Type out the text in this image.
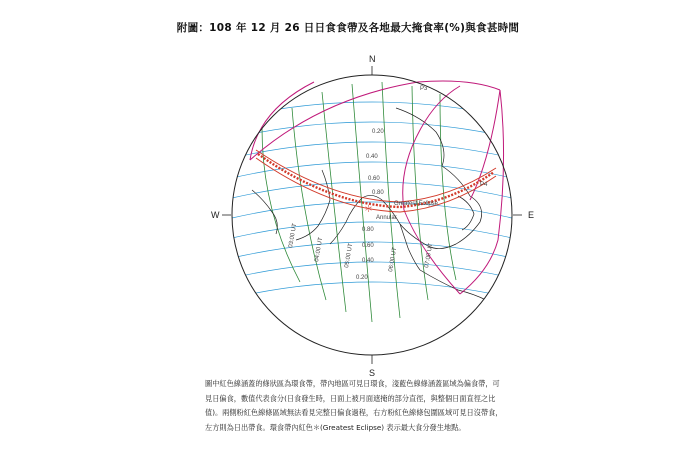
附圖：108 年 12 月 26 日日食食帶及各地最大掩食率(%)與食甚時間
N
S
W	E
＊
Greatest Eclipse
Annular
P3
P4
0.20
0.40
0.60
0.80
0.80
0.60
0.40
0.20
03:00 UT
04:00 UT	05:00 UT	06:00 UT	07:00 UT

圖中紅色線涵蓋的條狀區為環食帶，帶內地區可見日環食，淺藍色線條涵蓋區域為偏食帶，可

見日偏食，數值代表食分(日食發生時，日面上被月面遮掩的部分直徑，與整個日面直徑之比

值)。兩側粉紅色線條區域無法看見完整日偏食過程，右方粉紅色線條包圍區域可見日沒帶食，

左方則為日出帶食。環食帶內紅色＊(Greatest Eclipse) 表示最大食分發生地點。
